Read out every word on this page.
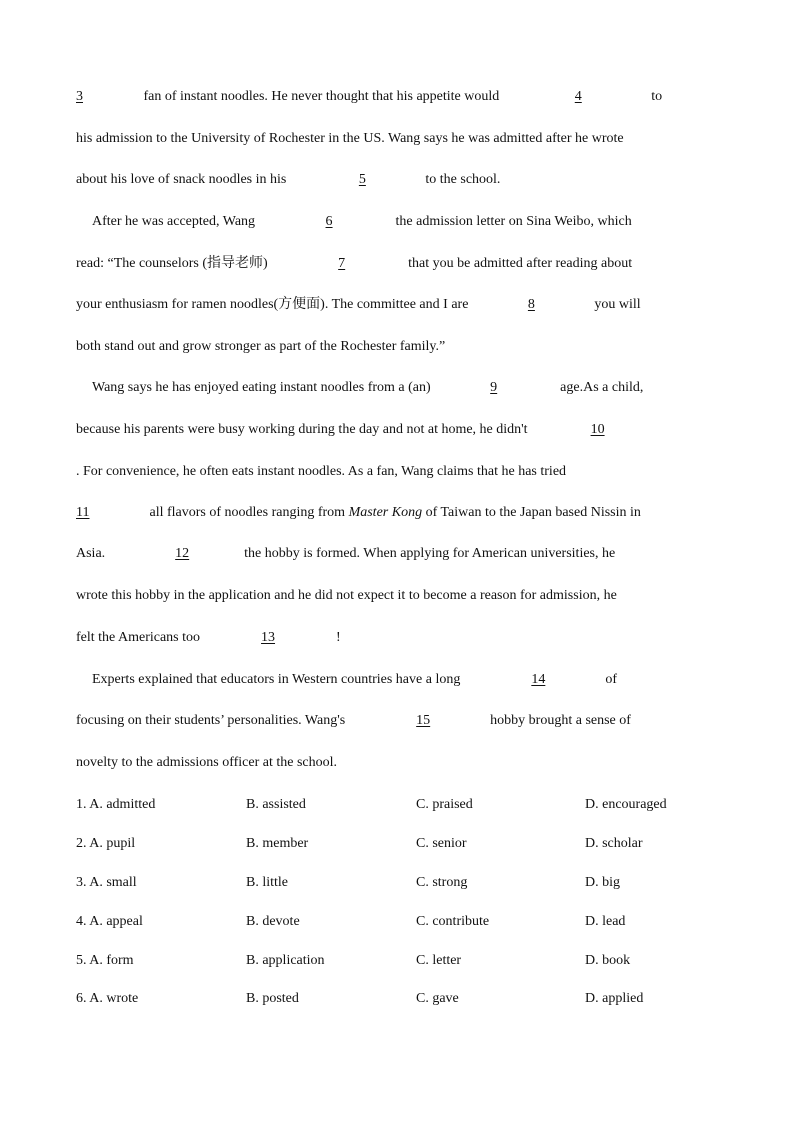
3	fan of instant noodles. He never thought that his appetite would	4	to
his admission to the University of Rochester in the US. Wang says he was admitted after he wrote
about his love of snack noodles in his	5	to the school.
After he was accepted, Wang	6	the admission letter on Sina Weibo, which
read: “The counselors (指导老师)	7	that you be admitted after reading about
your enthusiasm for ramen noodles(方便面). The committee and I are	8	you will
both stand out and grow stronger as part of the Rochester family.”
Wang says he has enjoyed eating instant noodles from a (an)	9	age.As a child,
because his parents were busy working during the day and not at home, he didn't	10
. For convenience, he often eats instant noodles. As a fan, Wang claims that he has tried
11	all flavors of noodles ranging from Master Kong of Taiwan to the Japan based Nissin in
Asia.	12	the hobby is formed. When applying for American universities, he
wrote this hobby in the application and he did not expect it to become a reason for admission, he
felt the Americans too	13	!
Experts explained that educators in Western countries have a long	14	of
focusing on their students’ personalities. Wang's	15	hobby brought a sense of
novelty to the admissions officer at the school.
1. A. admitted	B. assisted	C. praised	D. encouraged
2. A. pupil	B. member	C. senior	D. scholar
3. A. small	B. little	C. strong	D. big
4. A. appeal	B. devote	C. contribute	D. lead
5. A. form	B. application	C. letter	D. book
6. A. wrote	B. posted	C. gave	D. applied
